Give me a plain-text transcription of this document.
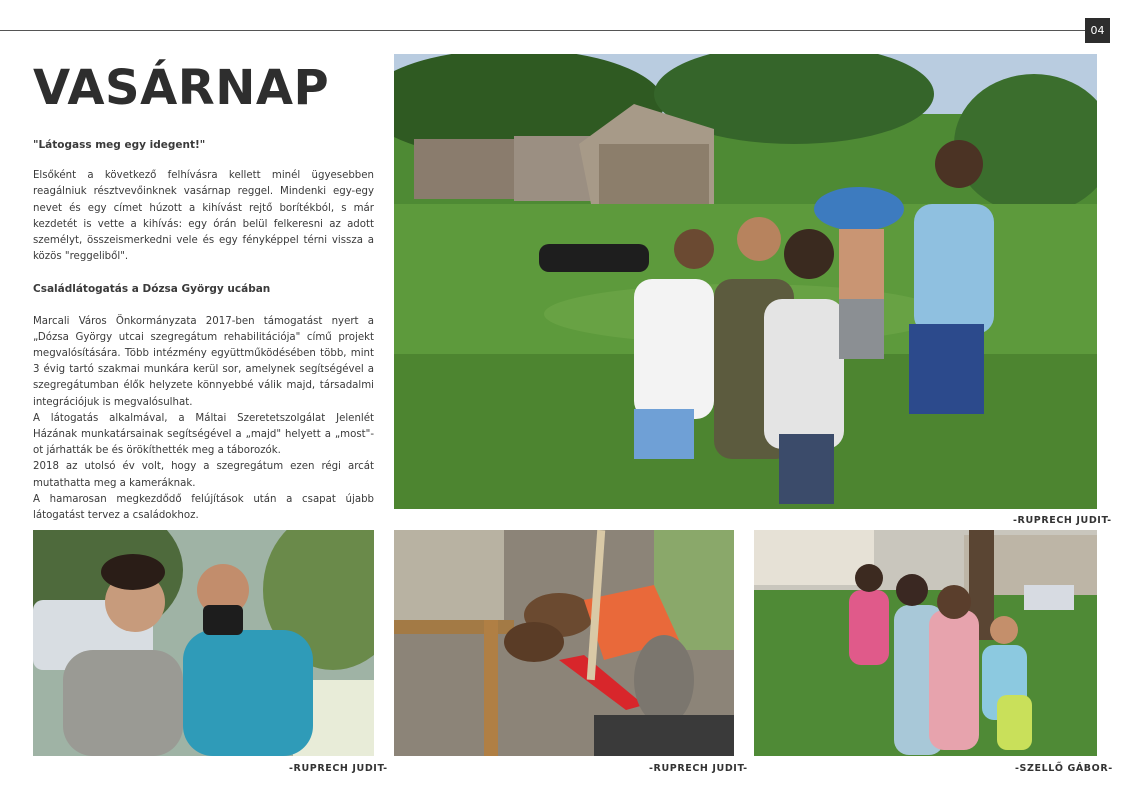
04
VASÁRNAP

"Látogass meg egy idegent!"

Elsőként a következő felhívásra kellett minél ügyesebben reagálniuk résztvevőinknek vasárnap reggel. Mindenki egy-egy nevet és egy címet húzott a kihívást rejtő borítékból, s már kezdetét is vette a kihívás: egy órán belül felkeresni az adott személyt, összeismerkedni vele és egy fényképpel térni vissza a közös "reggeliből".

Családlátogatás a Dózsa György ucában

Marcali Város Önkormányzata 2017-ben támogatást nyert a „Dózsa György utcai szegregátum rehabilitációja" című projekt megvalósítására. Több intézmény együttműködésében több, mint 3 évig tartó szakmai munkára kerül sor, amelynek segítségével a szegregátumban élők helyzete könnyebbé válik majd, társadalmi integrációjuk is megvalósulhat.

A látogatás alkalmával, a Máltai Szeretetszolgálat Jelenlét Házának munkatársainak segítségével a „majd" helyett a „most"-ot járhatták be és örökíthették meg a táborozók.

2018 az utolsó év volt, hogy a szegregátum ezen régi arcát mutathatta meg a kameráknak.

A hamarosan megkezdődő felújítások után a csapat újabb látogatást tervez a családokhoz.	-RUPRECH JUDIT-
-RUPRECH JUDIT-	-RUPRECH JUDIT-	-SZELLŐ GÁBOR-
